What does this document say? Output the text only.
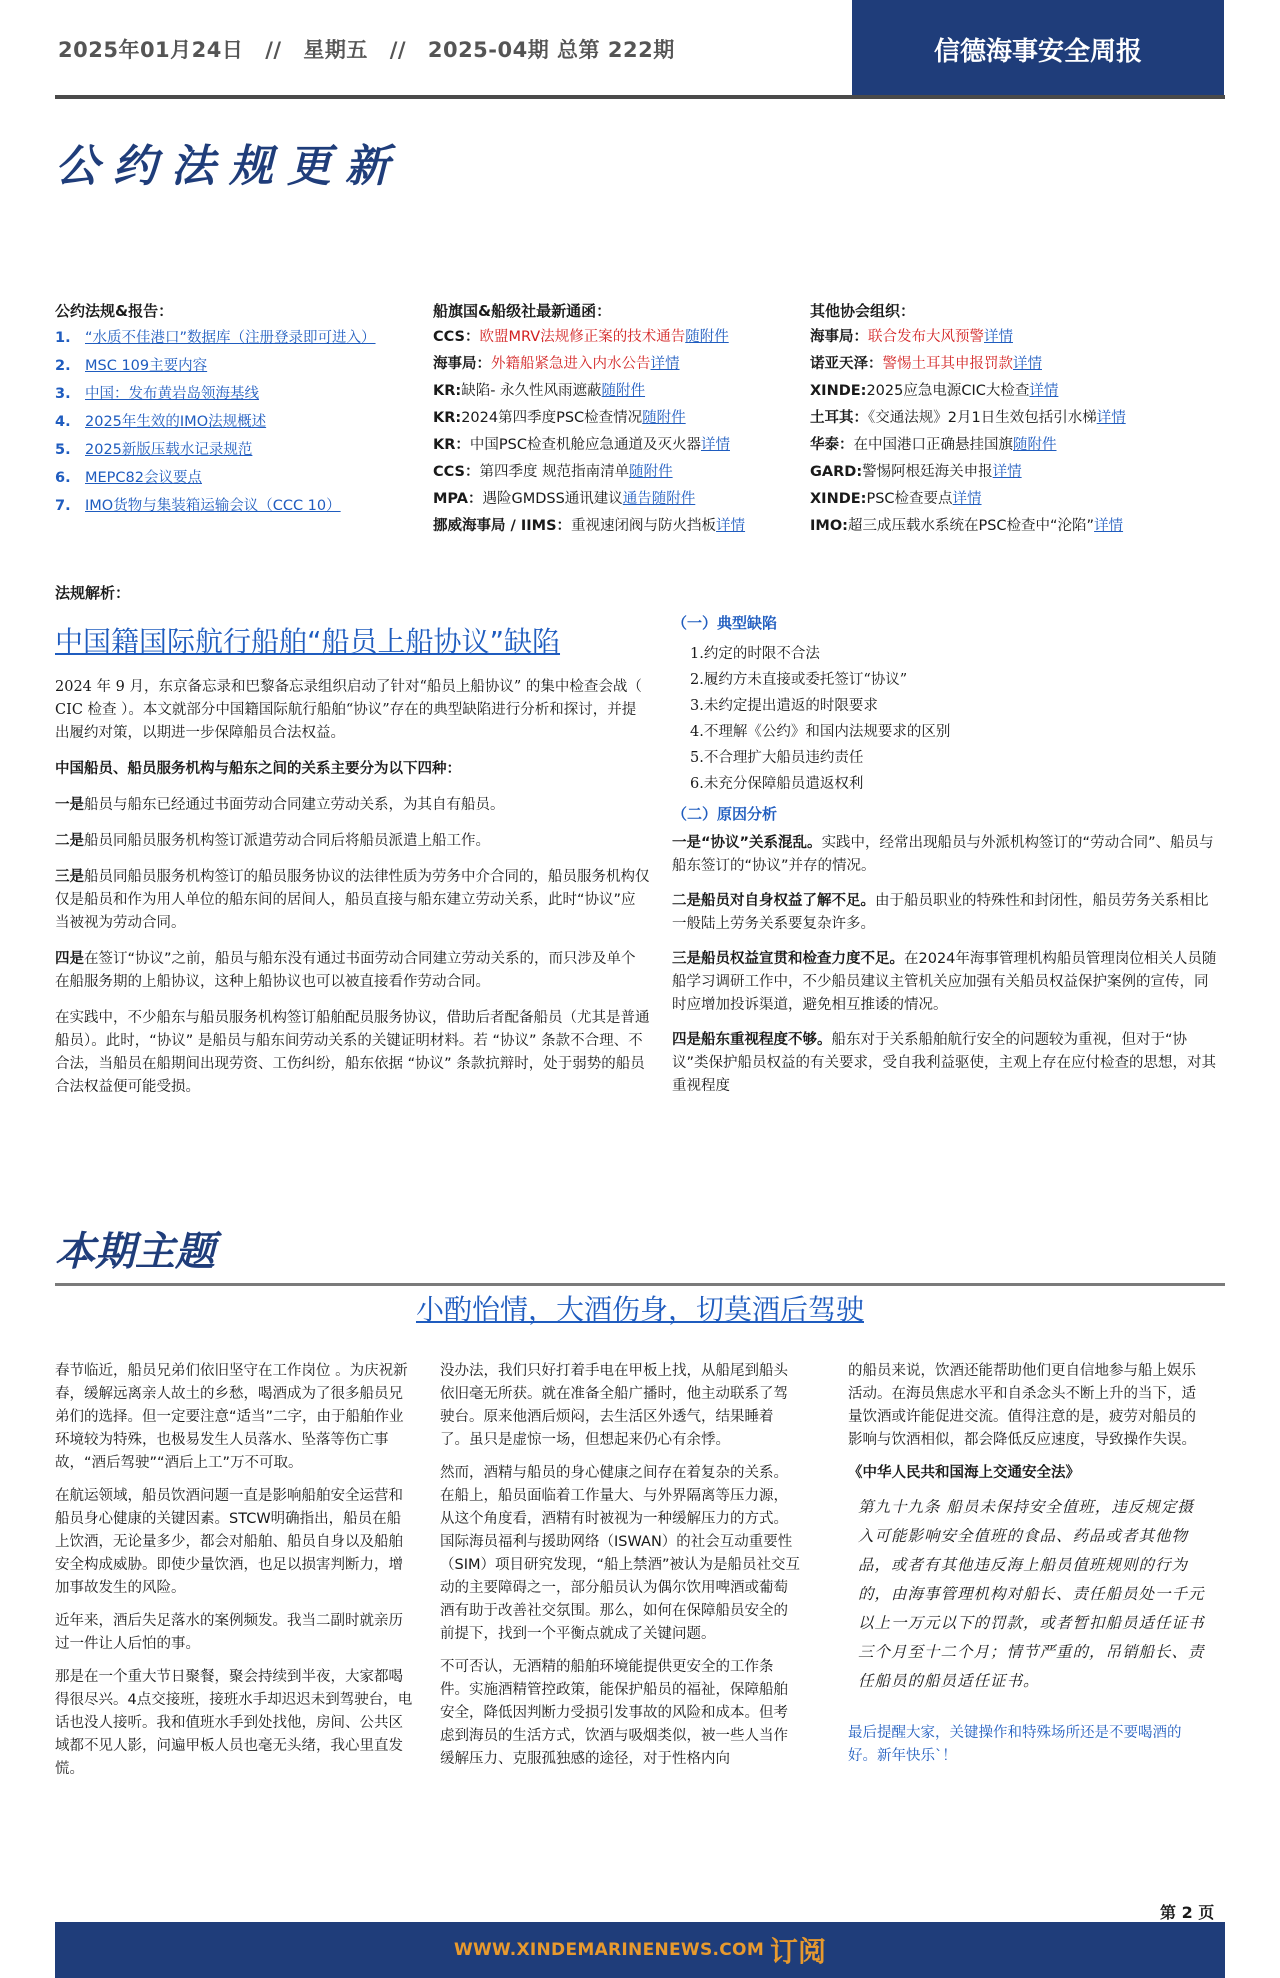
2025年01月24日 // 星期五 // 2025-04期 总第 222期	信德海事安全周报
公约法规更新
公约法规&报告：
1. “水质不佳港口”数据库（注册登录即可进入）
2. MSC 109主要内容
3. 中国：发布黄岩岛领海基线
4. 2025年生效的IMO法规概述
5. 2025新版压载水记录规范
6. MEPC82会议要点
7. IMO货物与集装箱运输会议（CCC 10）
船旗国&船级社最新通函：
CCS：欧盟MRV法规修正案的技术通告随附件
海事局：外籍船紧急进入内水公告详情
KR:缺陷- 永久性风雨遮蔽随附件
KR:2024第四季度PSC检查情况随附件
KR：中国PSC检查机舱应急通道及灭火器详情
CCS：第四季度 规范指南清单随附件
MPA：遇险GMDSS通讯建议通告随附件
挪威海事局 / IIMS：重视速闭阀与防火挡板详情
其他协会组织：
海事局：联合发布大风预警详情
诺亚天泽：警惕土耳其申报罚款详情
XINDE:2025应急电源CIC大检查详情
土耳其：《交通法规》2月1日生效包括引水梯详情
华泰：在中国港口正确悬挂国旗随附件
GARD:警惕阿根廷海关申报详情
XINDE:PSC检查要点详情
IMO:超三成压载水系统在PSC检查中“沦陷”详情
法规解析：
中国籍国际航行船舶“船员上船协议”缺陷

2024 年 9 月，东京备忘录和巴黎备忘录组织启动了针对“船员上船协议” 的集中检查会战（ CIC 检查 ）。本文就部分中国籍国际航行船舶“协议”存在的典型缺陷进行分析和探讨，并提出履约对策，以期进一步保障船员合法权益。

中国船员、船员服务机构与船东之间的关系主要分为以下四种：

一是船员与船东已经通过书面劳动合同建立劳动关系，为其自有船员。

二是船员同船员服务机构签订派遣劳动合同后将船员派遣上船工作。

三是船员同船员服务机构签订的船员服务协议的法律性质为劳务中介合同的，船员服务机构仅仅是船员和作为用人单位的船东间的居间人，船员直接与船东建立劳动关系，此时“协议”应当被视为劳动合同。

四是在签订“协议”之前，船员与船东没有通过书面劳动合同建立劳动关系的，而只涉及单个在船服务期的上船协议，这种上船协议也可以被直接看作劳动合同。

在实践中，不少船东与船员服务机构签订船舶配员服务协议，借助后者配备船员（尤其是普通船员）。此时，“协议” 是船员与船东间劳动关系的关键证明材料。若 “协议” 条款不合理、不合法，当船员在船期间出现劳资、工伤纠纷，船东依据 “协议” 条款抗辩时，处于弱势的船员合法权益便可能受损。

（一）典型缺陷
1.约定的时限不合法
2.履约方未直接或委托签订“协议”
3.未约定提出遣返的时限要求
4.不理解《公约》和国内法规要求的区别
5.不合理扩大船员违约责任
6.未充分保障船员遣返权利
（二）原因分析

一是“协议”关系混乱。实践中，经常出现船员与外派机构签订的“劳动合同”、船员与船东签订的“协议”并存的情况。

二是船员对自身权益了解不足。由于船员职业的特殊性和封闭性，船员劳务关系相比一般陆上劳务关系要复杂许多。

三是船员权益宣贯和检查力度不足。在2024年海事管理机构船员管理岗位相关人员随船学习调研工作中，不少船员建议主管机关应加强有关船员权益保护案例的宣传，同时应增加投诉渠道，避免相互推诿的情况。

四是船东重视程度不够。船东对于关系船舶航行安全的问题较为重视，但对于“协议”类保护船员权益的有关要求，受自我利益驱使，主观上存在应付检查的思想，对其重视程度

本期主题
小酌怡情，大酒伤身，切莫酒后驾驶

春节临近，船员兄弟们依旧坚守在工作岗位 。为庆祝新春，缓解远离亲人故土的乡愁，喝酒成为了很多船员兄弟们的选择。但一定要注意“适当”二字，由于船舶作业环境较为特殊，也极易发生人员落水、坠落等伤亡事故，“酒后驾驶”“酒后上工”万不可取。

在航运领域，船员饮酒问题一直是影响船舶安全运营和船员身心健康的关键因素。STCW明确指出，船员在船上饮酒，无论量多少，都会对船舶、船员自身以及船舶安全构成威胁。即使少量饮酒，也足以损害判断力，增加事故发生的风险。

近年来，酒后失足落水的案例频发。我当二副时就亲历过一件让人后怕的事。

那是在一个重大节日聚餐，聚会持续到半夜，大家都喝得很尽兴。4点交接班，接班水手却迟迟未到驾驶台，电话也没人接听。我和值班水手到处找他，房间、公共区域都不见人影，问遍甲板人员也毫无头绪，我心里直发慌。

没办法，我们只好打着手电在甲板上找，从船尾到船头依旧毫无所获。就在准备全船广播时，他主动联系了驾驶台。原来他酒后烦闷，去生活区外透气，结果睡着了。虽只是虚惊一场，但想起来仍心有余悸。

然而，酒精与船员的身心健康之间存在着复杂的关系。在船上，船员面临着工作量大、与外界隔离等压力源，从这个角度看，酒精有时被视为一种缓解压力的方式。国际海员福利与援助网络（ISWAN）的社会互动重要性（SIM）项目研究发现，“船上禁酒”被认为是船员社交互动的主要障碍之一，部分船员认为偶尔饮用啤酒或葡萄酒有助于改善社交氛围。那么，如何在保障船员安全的前提下，找到一个平衡点就成了关键问题。

不可否认，无酒精的船舶环境能提供更安全的工作条件。实施酒精管控政策，能保护船员的福祉，保障船舶安全，降低因判断力受损引发事故的风险和成本。但考虑到海员的生活方式，饮酒与吸烟类似，被一些人当作缓解压力、克服孤独感的途径，对于性格内向

的船员来说，饮酒还能帮助他们更自信地参与船上娱乐活动。在海员焦虑水平和自杀念头不断上升的当下，适量饮酒或许能促进交流。值得注意的是，疲劳对船员的影响与饮酒相似，都会降低反应速度，导致操作失误。

《中华人民共和国海上交通安全法》

第九十九条 船员未保持安全值班，违反规定摄入可能影响安全值班的食品、药品或者其他物品，或者有其他违反海上船员值班规则的行为的，由海事管理机构对船长、责任船员处一千元以上一万元以下的罚款，或者暂扣船员适任证书三个月至十二个月；情节严重的，吊销船长、责任船员的船员适任证书。

最后提醒大家，关键操作和特殊场所还是不要喝酒的好。新年快乐`！

第 2 页
WWW.XINDEMARINENEWS.COM 订阅
